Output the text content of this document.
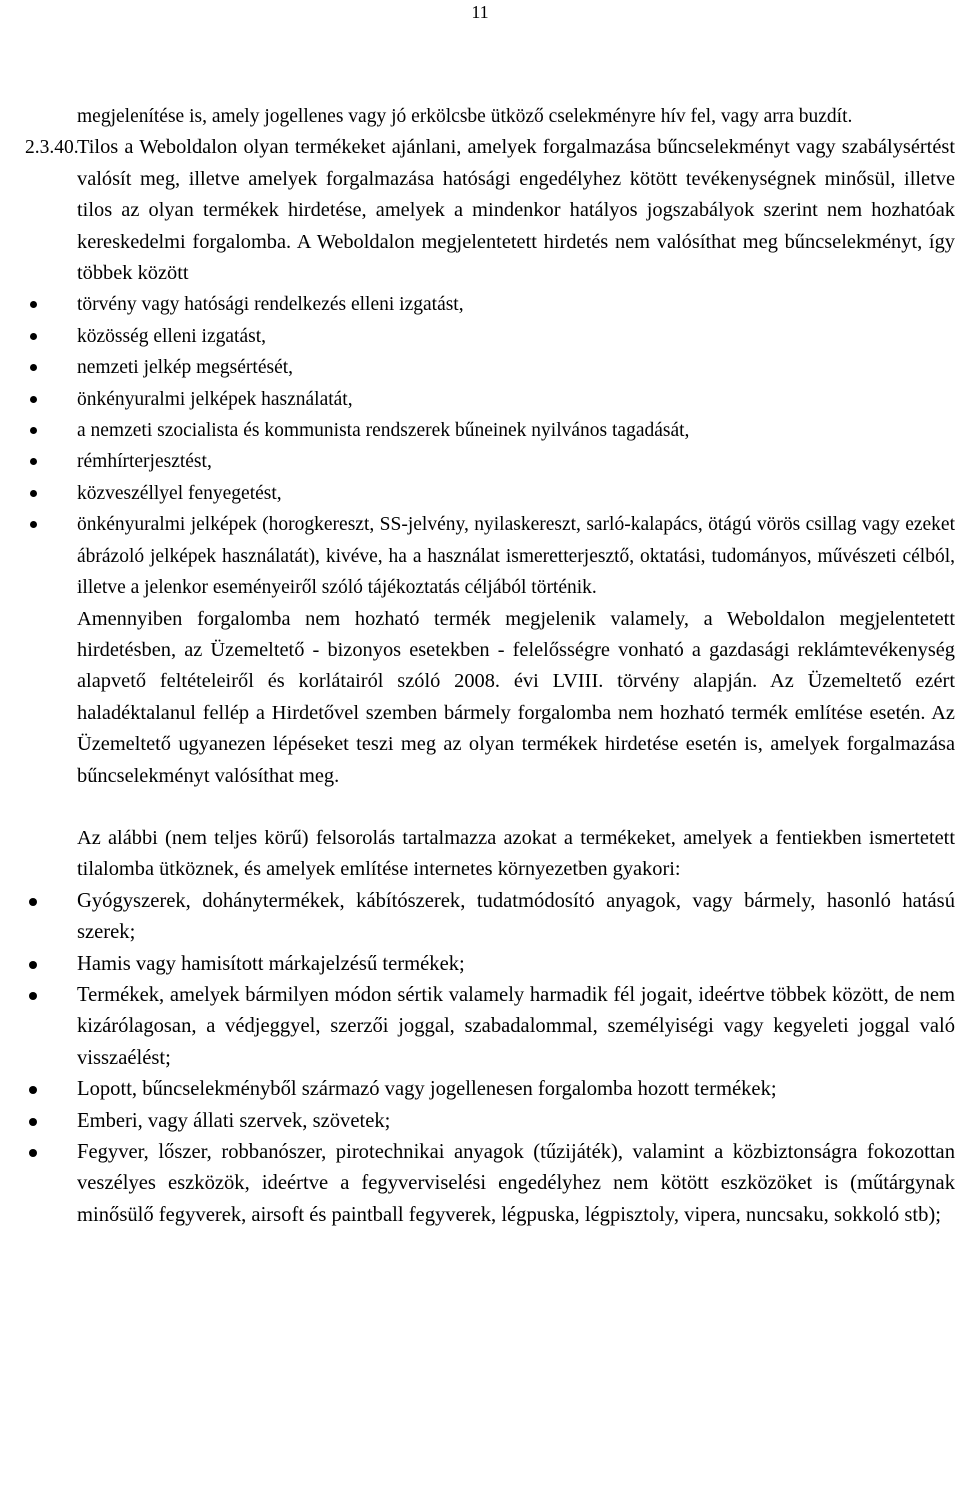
11

megjelenítése is, amely jogellenes vagy jó erkölcsbe ütköző cselekményre hív fel, vagy arra buzdít.

2.3.40.

Tilos a Weboldalon olyan termékeket ajánlani, amelyek forgalmazása bűncselekményt vagy szabálysértést valósít meg, illetve amelyek forgalmazása hatósági engedélyhez kötött tevékenységnek minősül, illetve tilos az olyan termékek hirdetése, amelyek a mindenkor hatályos jogszabályok szerint nem hozhatóak kereskedelmi forgalomba. A Weboldalon megjelentetett hirdetés nem valósíthat meg bűncselekményt, így többek között

törvény vagy hatósági rendelkezés elleni izgatást,
közösség elleni izgatást,
nemzeti jelkép megsértését,
önkényuralmi jelképek használatát,
a nemzeti szocialista és kommunista rendszerek bűneinek nyilvános tagadását,
rémhírterjesztést,
közveszéllyel fenyegetést,
önkényuralmi jelképek (horogkereszt, SS-jelvény, nyilaskereszt, sarló-kalapács, ötágú vörös csillag vagy ezeket ábrázoló jelképek használatát), kivéve, ha a használat ismeretterjesztő, oktatási, tudományos, művészeti célból, illetve a jelenkor eseményeiről szóló tájékoztatás céljából történik.

Amennyiben forgalomba nem hozható termék megjelenik valamely, a Weboldalon megjelentetett hirdetésben, az Üzemeltető - bizonyos esetekben - felelősségre vonható a gazdasági reklámtevékenység alapvető feltételeiről és korlátairól szóló 2008. évi LVIII. törvény alapján. Az Üzemeltető ezért haladéktalanul fellép a Hirdetővel szemben bármely forgalomba nem hozható termék említése esetén. Az Üzemeltető ugyanezen lépéseket teszi meg az olyan termékek hirdetése esetén is, amelyek forgalmazása bűncselekményt valósíthat meg.

Az alábbi (nem teljes körű) felsorolás tartalmazza azokat a termékeket, amelyek a fentiekben ismertetett tilalomba ütköznek, és amelyek említése internetes környezetben gyakori:

Gyógyszerek, dohánytermékek, kábítószerek, tudatmódosító anyagok, vagy bármely, hasonló hatású szerek;
Hamis vagy hamisított márkajelzésű termékek;
Termékek, amelyek bármilyen módon sértik valamely harmadik fél jogait, ideértve többek között, de nem kizárólagosan, a védjeggyel, szerzői joggal, szabadalommal, személyiségi vagy kegyeleti joggal való visszaélést;
Lopott, bűncselekményből származó vagy jogellenesen forgalomba hozott termékek;
Emberi, vagy állati szervek, szövetek;
Fegyver, lőszer, robbanószer, pirotechnikai anyagok (tűzijáték), valamint a közbiztonságra fokozottan veszélyes eszközök, ideértve a fegyverviselési engedélyhez nem kötött eszközöket is (műtárgynak minősülő fegyverek, airsoft és paintball fegyverek, légpuska, légpisztoly, vipera, nuncsaku, sokkoló stb);
